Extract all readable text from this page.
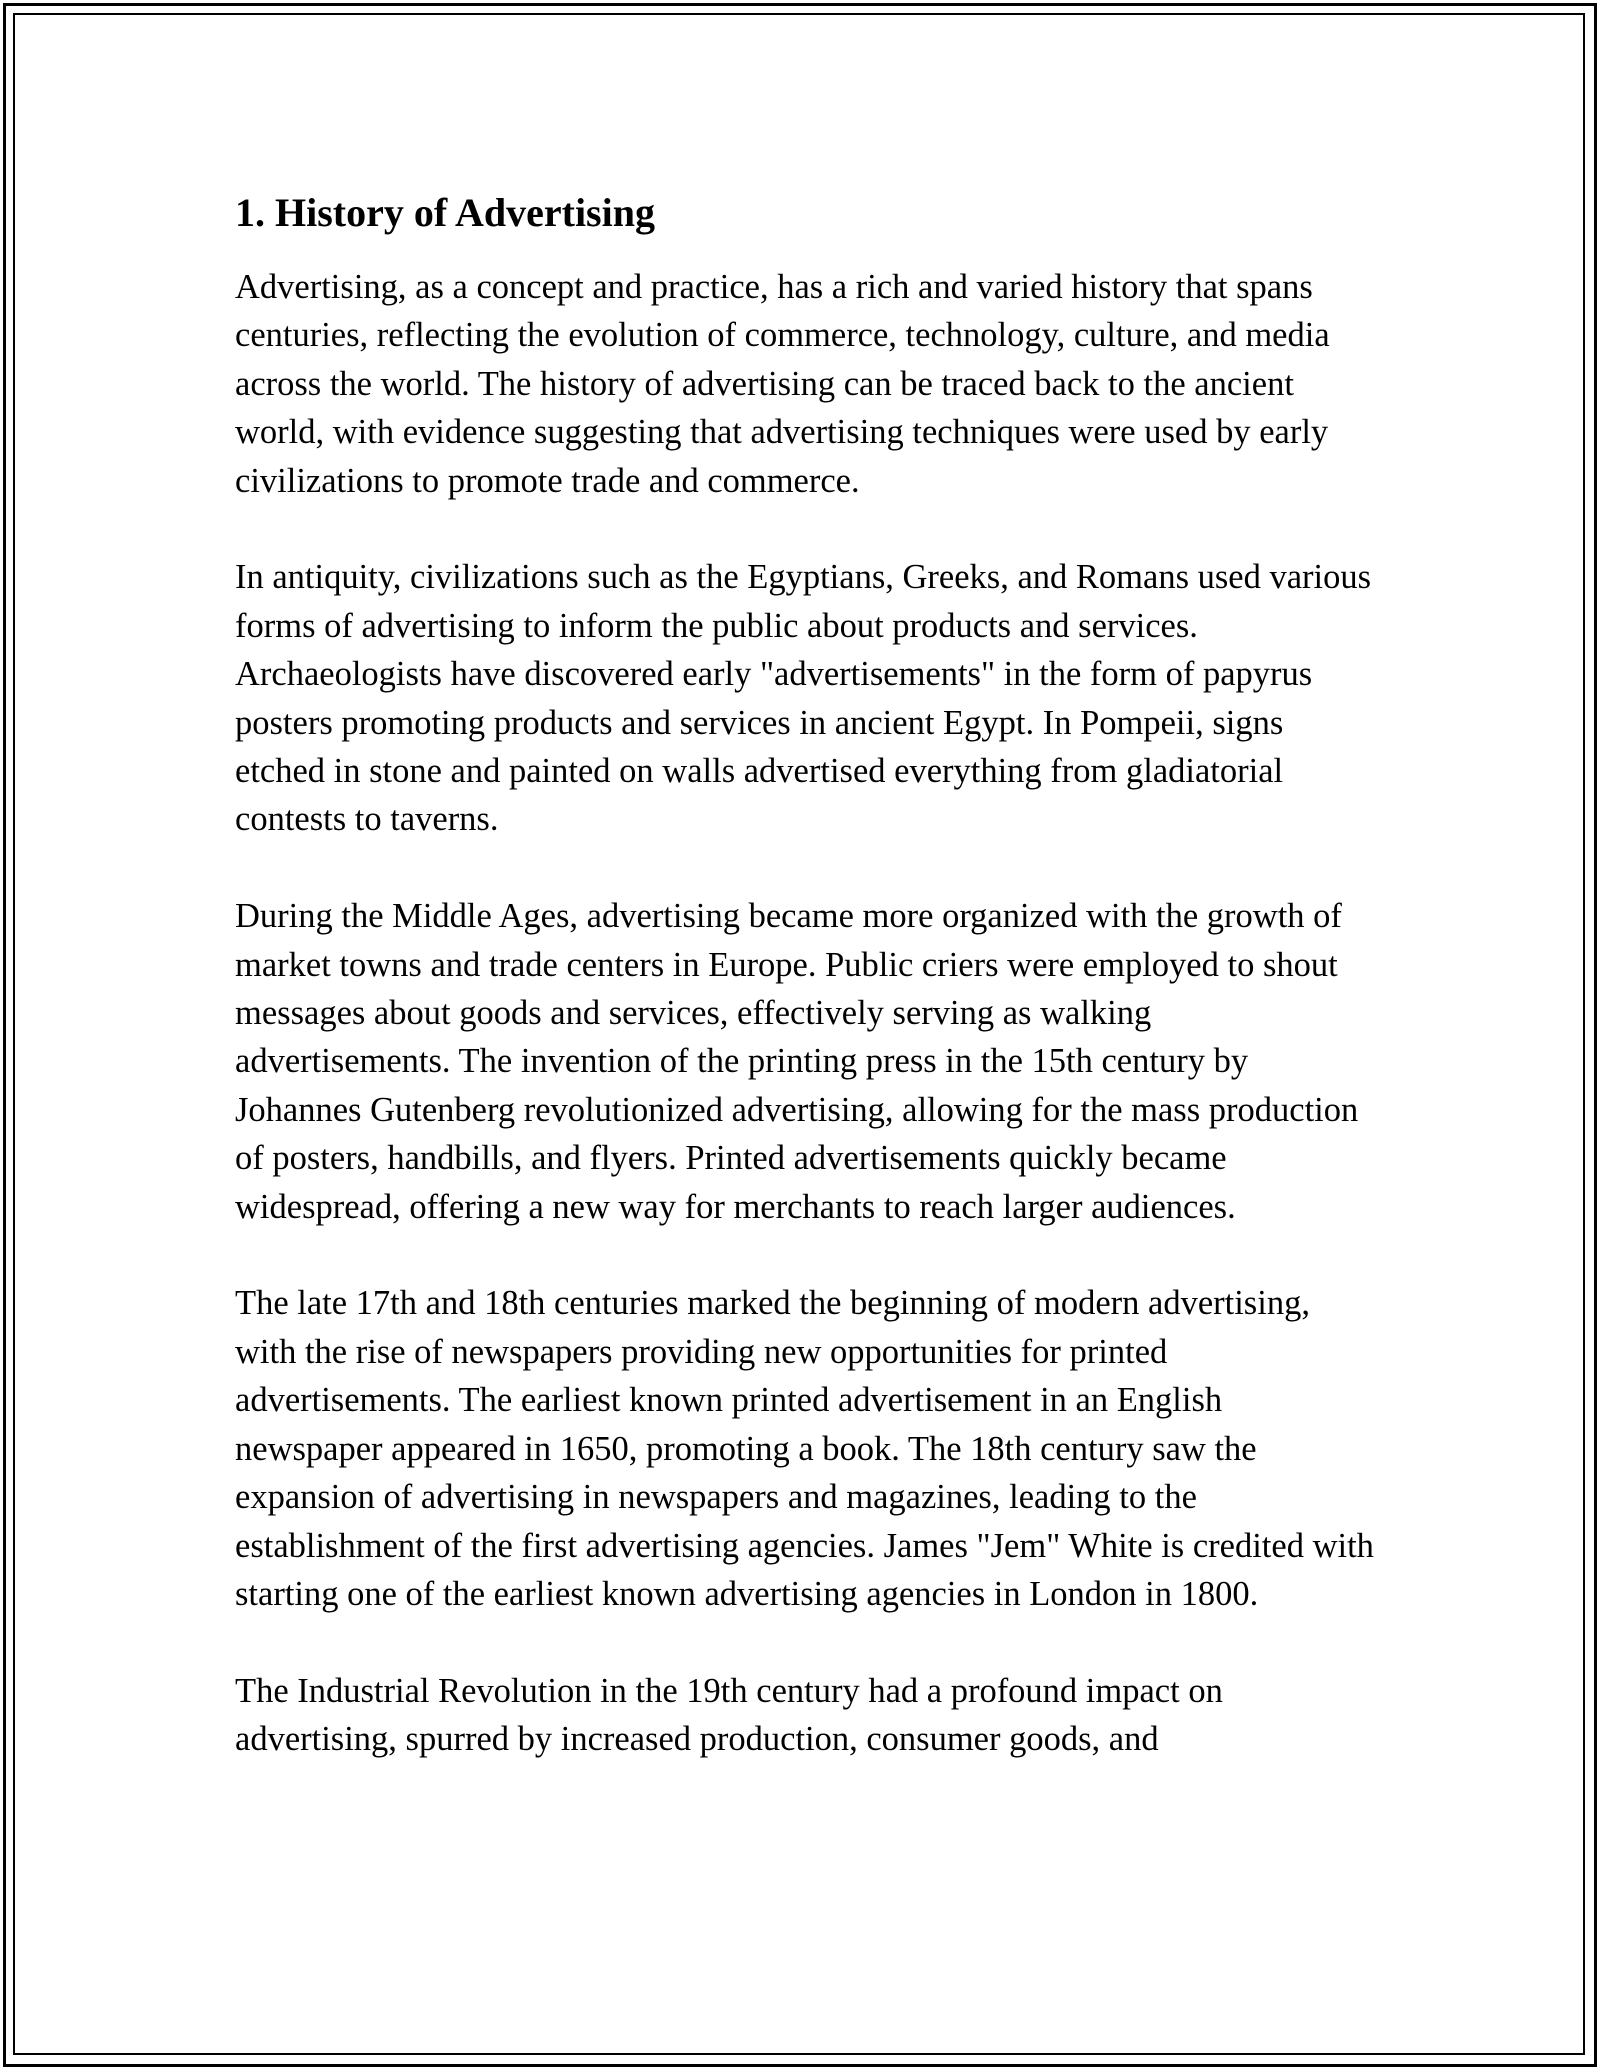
1. History of Advertising

Advertising, as a concept and practice, has a rich and varied history that spans centuries, reflecting the evolution of commerce, technology, culture, and media across the world. The history of advertising can be traced back to the ancient world, with evidence suggesting that advertising techniques were used by early civilizations to promote trade and commerce.

In antiquity, civilizations such as the Egyptians, Greeks, and Romans used various forms of advertising to inform the public about products and services. Archaeologists have discovered early "advertisements" in the form of papyrus posters promoting products and services in ancient Egypt. In Pompeii, signs etched in stone and painted on walls advertised everything from gladiatorial contests to taverns.

During the Middle Ages, advertising became more organized with the growth of market towns and trade centers in Europe. Public criers were employed to shout messages about goods and services, effectively serving as walking advertisements. The invention of the printing press in the 15th century by Johannes Gutenberg revolutionized advertising, allowing for the mass production of posters, handbills, and flyers. Printed advertisements quickly became widespread, offering a new way for merchants to reach larger audiences.

The late 17th and 18th centuries marked the beginning of modern advertising, with the rise of newspapers providing new opportunities for printed advertisements. The earliest known printed advertisement in an English newspaper appeared in 1650, promoting a book. The 18th century saw the expansion of advertising in newspapers and magazines, leading to the establishment of the first advertising agencies. James "Jem" White is credited with starting one of the earliest known advertising agencies in London in 1800.

The Industrial Revolution in the 19th century had a profound impact on advertising, spurred by increased production, consumer goods, and
